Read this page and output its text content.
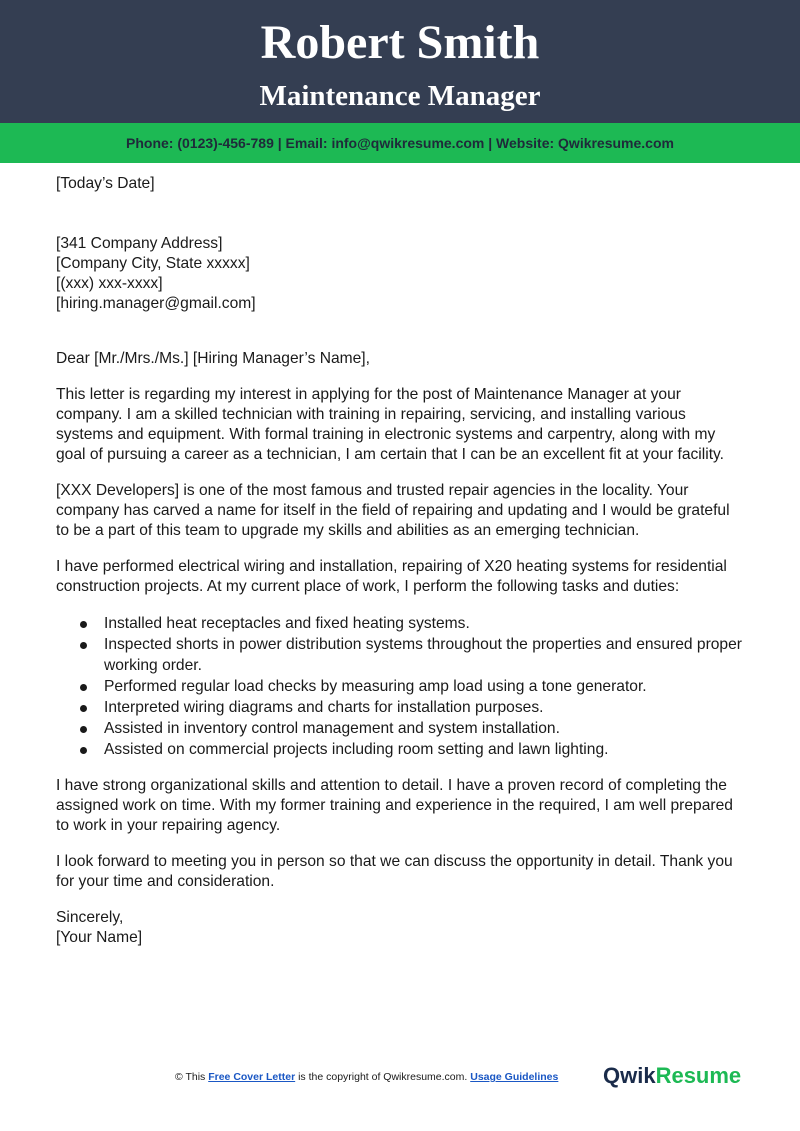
Robert Smith
Maintenance Manager
Phone: (0123)-456-789 | Email: info@qwikresume.com | Website: Qwikresume.com

[Today’s Date]

[341 Company Address]

[Company City, State xxxxx]

[(xxx) xxx-xxxx]

[hiring.manager@gmail.com]

Dear [Mr./Mrs./Ms.] [Hiring Manager’s Name],

This letter is regarding my interest in applying for the post of Maintenance Manager at your company. I am a skilled technician with training in repairing, servicing, and installing various systems and equipment. With formal training in electronic systems and carpentry, along with my goal of pursuing a career as a technician, I am certain that I can be an excellent fit at your facility.

[XXX Developers] is one of the most famous and trusted repair agencies in the locality. Your company has carved a name for itself in the field of repairing and updating and I would be grateful to be a part of this team to upgrade my skills and abilities as an emerging technician.

I have performed electrical wiring and installation, repairing of X20 heating systems for residential construction projects. At my current place of work, I perform the following tasks and duties:

Installed heat receptacles and fixed heating systems.
Inspected shorts in power distribution systems throughout the properties and ensured proper working order.
Performed regular load checks by measuring amp load using a tone generator.
Interpreted wiring diagrams and charts for installation purposes.
Assisted in inventory control management and system installation.
Assisted on commercial projects including room setting and lawn lighting.

I have strong organizational skills and attention to detail. I have a proven record of completing the assigned work on time. With my former training and experience in the required, I am well prepared to work in your repairing agency.

I look forward to meeting you in person so that we can discuss the opportunity in detail. Thank you for your time and consideration.

Sincerely,

[Your Name]

© This Free Cover Letter is the copyright of Qwikresume.com. Usage Guidelines QwikResume
